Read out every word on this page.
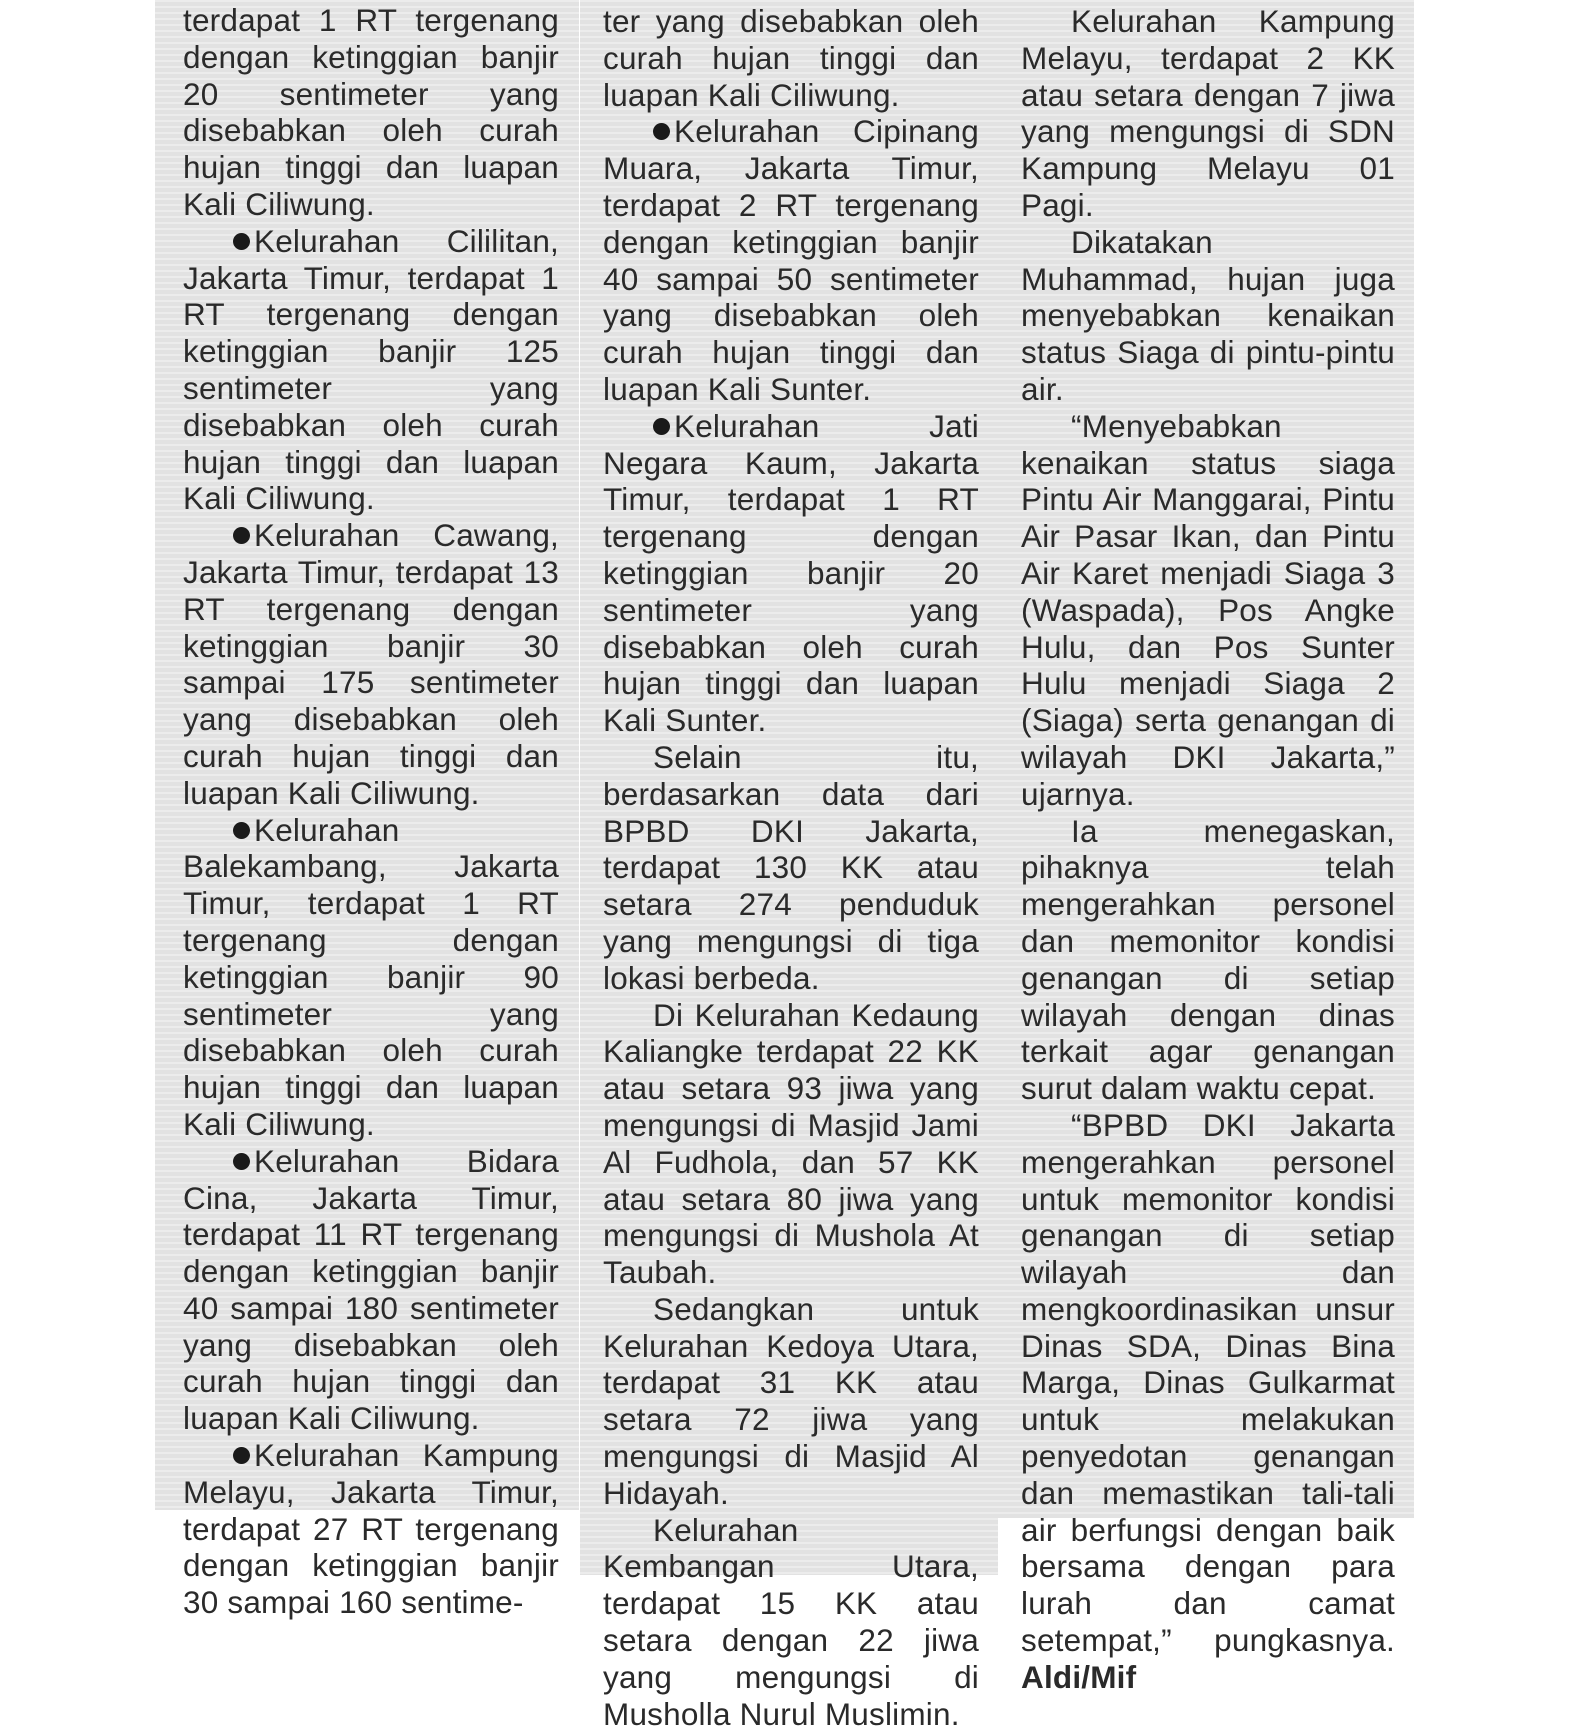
terdapat 1 RT tergenang dengan ketinggian banjir 20 sentimeter yang disebabkan oleh curah hujan tinggi dan luapan Kali Ciliwung.

Kelurahan Cililitan, Jakarta Timur, terdapat 1 RT tergenang dengan ketinggian banjir 125 sentimeter yang disebabkan oleh curah hujan tinggi dan luapan Kali Ciliwung.

Kelurahan Cawang, Jakarta Timur, terdapat 13 RT tergenang dengan ketinggian banjir 30 sampai 175 sentimeter yang disebabkan oleh curah hujan tinggi dan luapan Kali Ciliwung.

Kelurahan Balekambang, Jakarta Timur, terdapat 1 RT tergenang dengan ketinggian banjir 90 sentimeter yang disebabkan oleh curah hujan tinggi dan luapan Kali Ciliwung.

Kelurahan Bidara Cina, Jakarta Timur, terdapat 11 RT tergenang dengan ketinggian banjir 40 sampai 180 sentimeter yang disebabkan oleh curah hujan tinggi dan luapan Kali Ciliwung.

Kelurahan Kampung Melayu, Jakarta Timur, terdapat 27 RT tergenang dengan ketinggian banjir 30 sampai 160 sentime-

ter yang disebabkan oleh curah hujan tinggi dan luapan Kali Ciliwung.

Kelurahan Cipinang Muara, Jakarta Timur, terdapat 2 RT tergenang dengan ketinggian banjir 40 sampai 50 sentimeter yang disebabkan oleh curah hujan tinggi dan luapan Kali Sunter.

Kelurahan Jati Negara Kaum, Jakarta Timur, terdapat 1 RT tergenang dengan ketinggian banjir 20 sentimeter yang disebabkan oleh curah hujan tinggi dan luapan Kali Sunter.

Selain itu, berdasarkan data dari BPBD DKI Jakarta, terdapat 130 KK atau setara 274 penduduk yang mengungsi di tiga lokasi berbeda.

Di Kelurahan Kedaung Kaliangke terdapat 22 KK atau setara 93 jiwa yang mengungsi di Masjid Jami Al Fudhola, dan 57 KK atau setara 80 jiwa yang mengungsi di Mushola At Taubah.

Sedangkan untuk Kelurahan Kedoya Utara, terdapat 31 KK atau setara 72 jiwa yang mengungsi di Masjid Al Hidayah.

Kelurahan Kembangan Utara, terdapat 15 KK atau setara dengan 22 jiwa yang mengungsi di Musholla Nurul Muslimin.

Kelurahan Kampung Melayu, terdapat 2 KK atau setara dengan 7 jiwa yang mengungsi di SDN Kampung Melayu 01 Pagi.

Dikatakan Muhammad, hujan juga menyebabkan kenaikan status Siaga di pintu-pintu air.

“Menyebabkan kenaikan status siaga Pintu Air Manggarai, Pintu Air Pasar Ikan, dan Pintu Air Karet menjadi Siaga 3 (Waspada), Pos Angke Hulu, dan Pos Sunter Hulu menjadi Siaga 2 (Siaga) serta genangan di wilayah DKI Jakarta,” ujarnya.

Ia menegaskan, pihaknya telah mengerahkan personel dan memonitor kondisi genangan di setiap wilayah dengan dinas terkait agar genangan surut dalam waktu cepat.

“BPBD DKI Jakarta mengerahkan personel untuk memonitor kondisi genangan di setiap wilayah dan mengkoordinasikan unsur Dinas SDA, Dinas Bina Marga, Dinas Gulkarmat untuk melakukan penyedotan genangan dan memastikan tali-tali air berfungsi dengan baik bersama dengan para lurah dan camat setempat,” pungkasnya. Aldi/Mif
